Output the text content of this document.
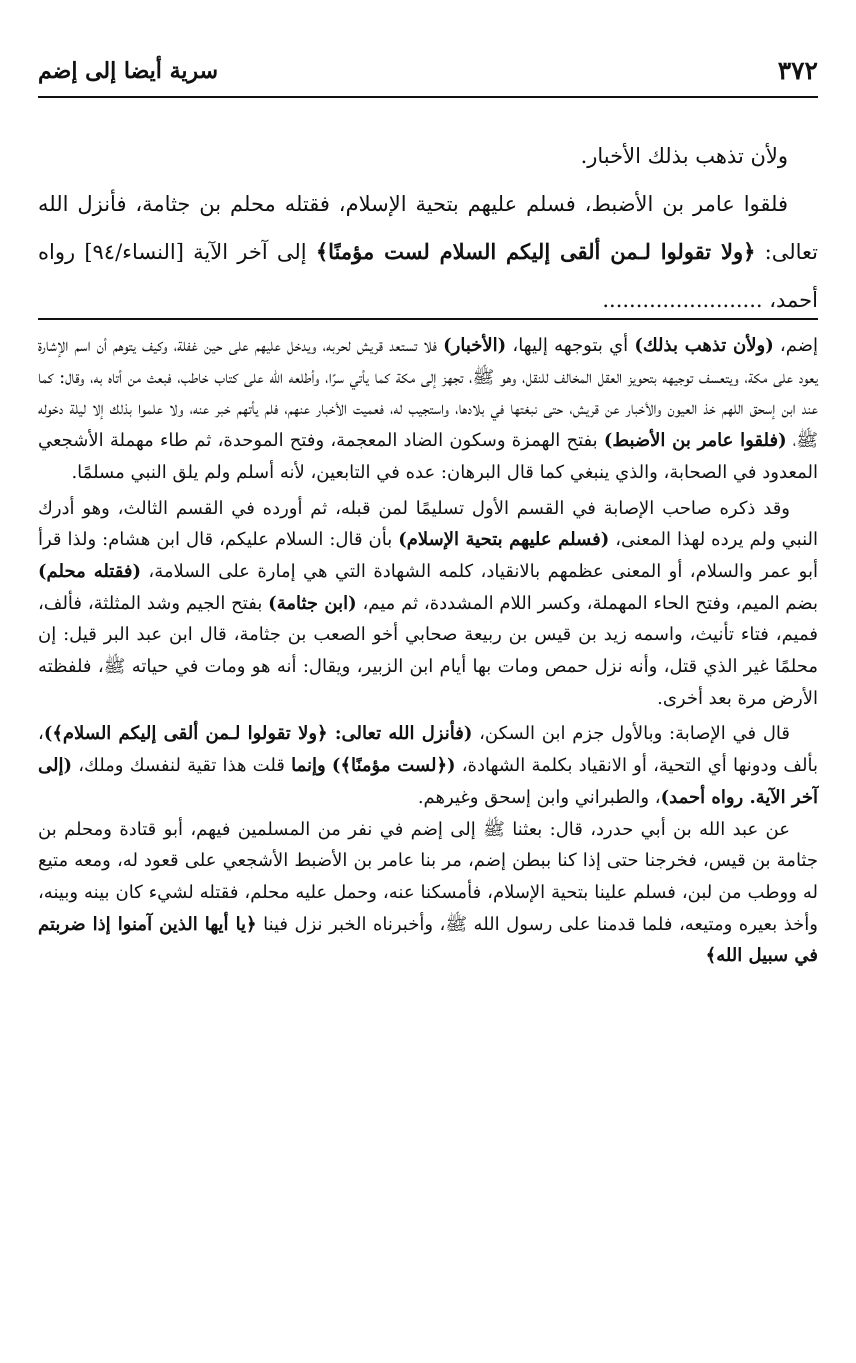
٣٧٢
سرية أيضا إلى إضم

ولأن تذهب بذلك الأخبار.

فلقوا عامر بن الأضبط، فسلم عليهم بتحية الإسلام، فقتله محلم بن جثامة، فأنزل الله تعالى: ﴿ولا تقولوا لـمن ألقى إليكم السلام لست مؤمنًا﴾ إلى آخر الآية [النساء/٩٤] رواه أحمد، ........................

إضم، (ولأن تذهب بذلك) أي بتوجهه إليها، (الأخبار) فلا تستعد قريش لحربه، ويدخل عليهم على حين غفلة، وكيف يتوهم أن اسم الإشارة يعود على مكة، ويتعسف توجيهه بتحويز العقل المخالف للنقل، وهو ﷺ، تجهز إلى مكة كما يأتي سرًا، وأطلعه الله على كتاب خاطب، فبعث من أتاه به، وقال: كما عند ابن إسحق اللهم خذ العيون والأخبار عن قريش، حتى نبغتها في بلادها، واستجيب له، فعميت الأخبار عنهم، فلم يأتهم خبر عنه، ولا علموا بذلك إلا ليلة دخوله ﷺ، (فلقوا عامر بن الأضبط) بفتح الهمزة وسكون الضاد المعجمة، وفتح الموحدة، ثم طاء مهملة الأشجعي المعدود في الصحابة، والذي ينبغي كما قال البرهان: عده في التابعين، لأنه أسلم ولم يلق النبي مسلمًا.

وقد ذكره صاحب الإصابة في القسم الأول تسليمًا لمن قبله، ثم أورده في القسم الثالث، وهو أدرك النبي ولم يرده لهذا المعنى، (فسلم عليهم بتحية الإسلام) بأن قال: السلام عليكم، قال ابن هشام: ولذا قرأ أبو عمر والسلام، أو المعنى عظمهم بالانقياد، كلمه الشهادة التي هي إمارة على السلامة، (فقتله محلم) بضم الميم، وفتح الحاء المهملة، وكسر اللام المشددة، ثم ميم، (ابن جثامة) بفتح الجيم وشد المثلثة، فألف، فميم، فتاء تأنيث، واسمه زيد بن قيس بن ربيعة صحابي أخو الصعب بن جثامة، قال ابن عبد البر قيل: إن محلمًا غير الذي قتل، وأنه نزل حمص ومات بها أيام ابن الزبير، ويقال: أنه هو ومات في حياته ﷺ، فلفظته الأرض مرة بعد أخرى.

قال في الإصابة: وبالأول جزم ابن السكن، (فأنزل الله تعالى: ﴿ولا تقولوا لـمن ألقى إليكم السلام﴾)، بألف ودونها أي التحية، أو الانقياد بكلمة الشهادة، (﴿لست مؤمنًا﴾) وإنما قلت هذا تقية لنفسك وملك، (إلى آخر الآية. رواه أحمد)، والطبراني وابن إسحق وغيرهم.

عن عبد الله بن أبي حدرد، قال: بعثنا ﷺ إلى إضم في نفر من المسلمين فيهم، أبو قتادة ومحلم بن جثامة بن قيس، فخرجنا حتى إذا كنا ببطن إضم، مر بنا عامر بن الأضبط الأشجعي على قعود له، ومعه متيع له ووطب من لبن، فسلم علينا بتحية الإسلام، فأمسكنا عنه، وحمل عليه محلم، فقتله لشيء كان بينه وبينه، وأخذ بعيره ومتيعه، فلما قدمنا على رسول الله ﷺ، وأخبرناه الخبر نزل فينا ﴿يا أيها الذين آمنوا إذا ضربتم في سبيل الله﴾
